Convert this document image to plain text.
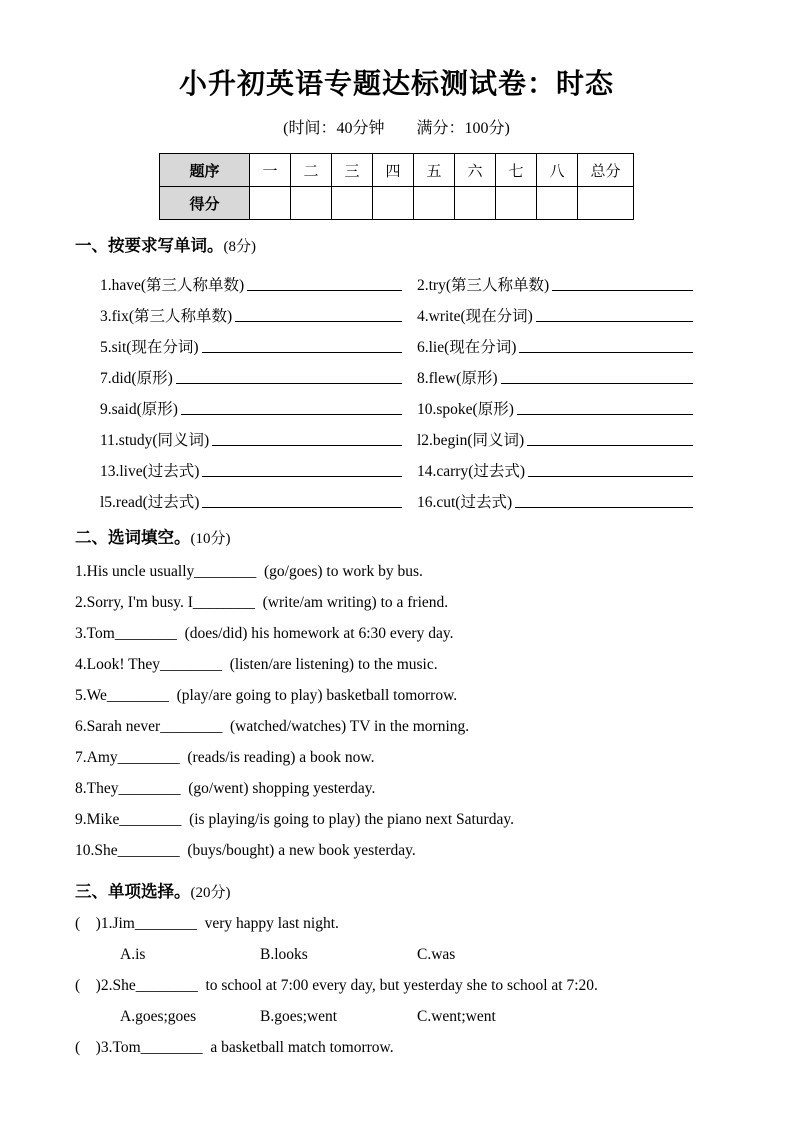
小升初英语专题达标测试卷：时态
(时间：40分钟        满分：100分)
题序	一	二	三	四	五	六	七	八	总分
得分									
一、按要求写单词。(8分)
1.have(第三人称单数)	2.try(第三人称单数)
3.fix(第三人称单数)	4.write(现在分词)
5.sit(现在分词)	6.lie(现在分词)
7.did(原形)	8.flew(原形)
9.said(原形)	10.spoke(原形)
11.study(同义词)	l2.begin(同义词)
13.live(过去式)	14.carry(过去式)
l5.read(过去式)	16.cut(过去式)
二、选词填空。(10分)
1.His uncle usually________  (go/goes) to work by bus.
2.Sorry, I'm busy. I________  (write/am writing) to a friend.
3.Tom________  (does/did) his homework at 6:30 every day.
4.Look! They________  (listen/are listening) to the music.
5.We________  (play/are going to play) basketball tomorrow.
6.Sarah never________  (watched/watches) TV in the morning.
7.Amy________  (reads/is reading) a book now.
8.They________  (go/went) shopping yesterday.
9.Mike________  (is playing/is going to play) the piano next Saturday.
10.She________  (buys/bought) a new book yesterday.
三、单项选择。(20分)
(    )1.Jim________  very happy last night.
A.is	B.looks	C.was
(    )2.She________  to school at 7:00 every day, but yesterday she to school at 7:20.
A.goes;goes	B.goes;went	C.went;went
(    )3.Tom________  a basketball match tomorrow.
